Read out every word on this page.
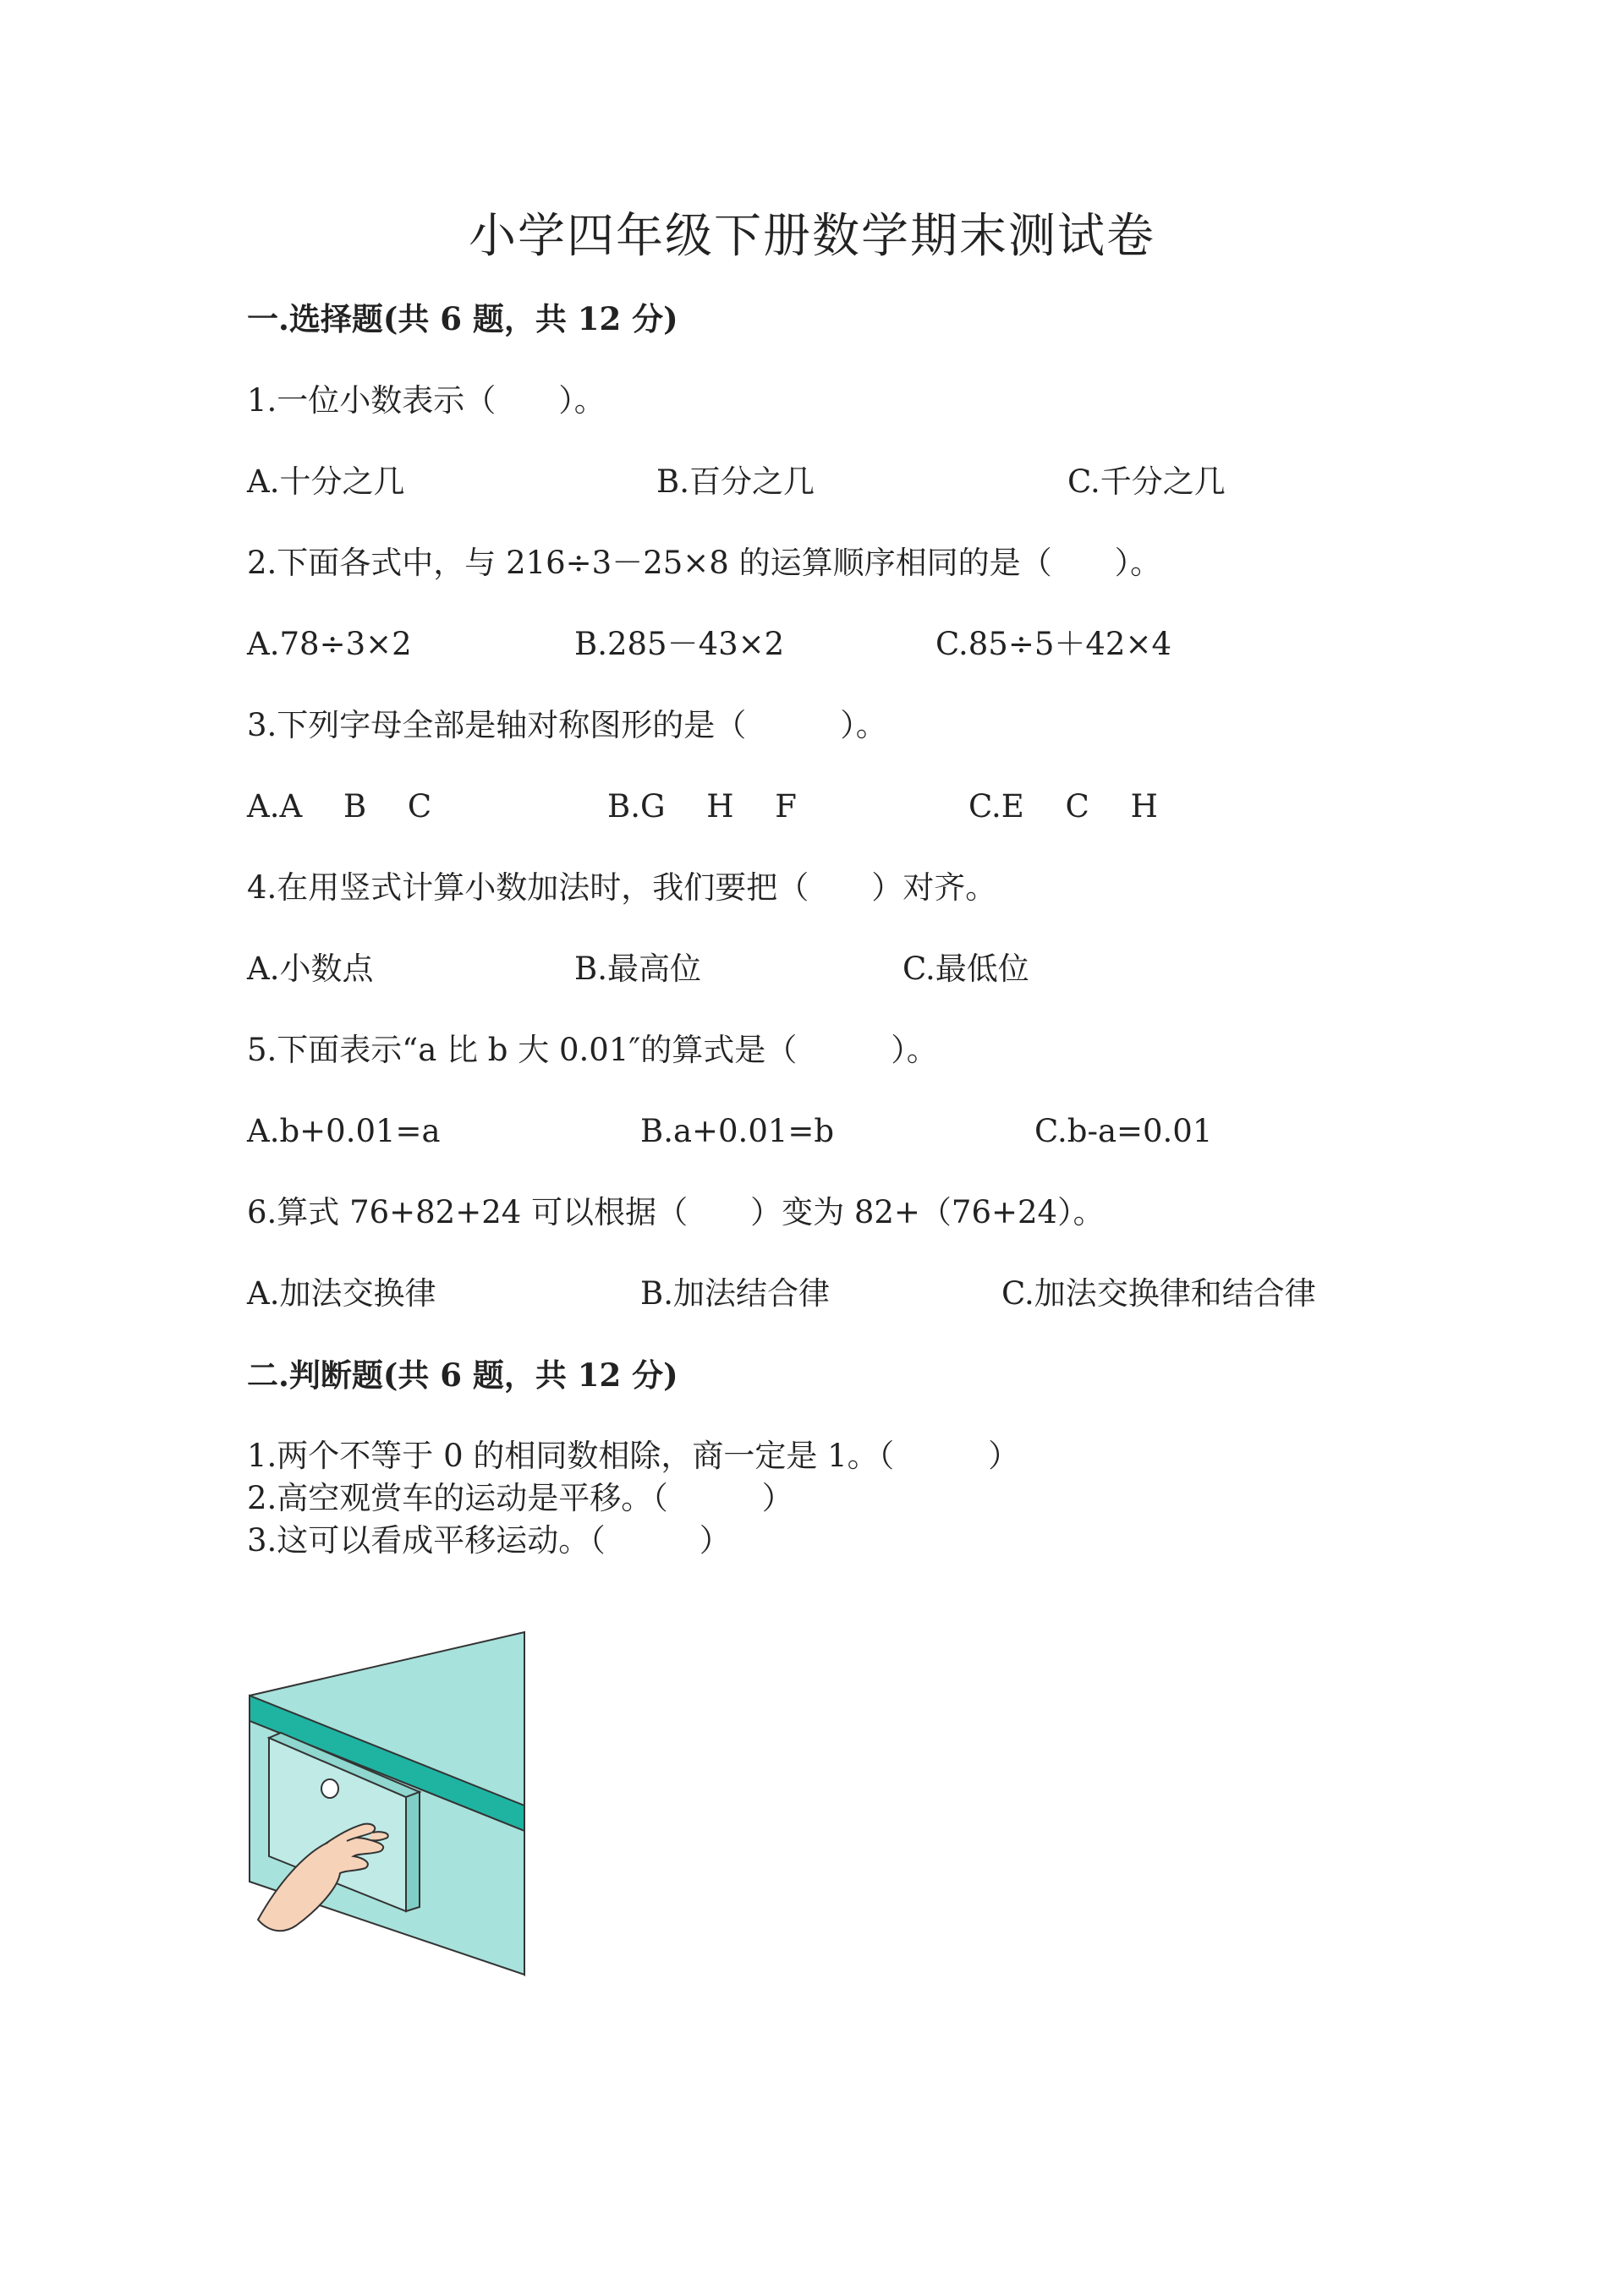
小学四年级下册数学期末测试卷
一.选择题(共 6 题，共 12 分)
1.一位小数表示（　　）。
A.十分之几	B.百分之几	C.千分之几
2.下面各式中，与 216÷3－25×8 的运算顺序相同的是（　　）。
A.78÷3×2	B.285－43×2	C.85÷5＋42×4
3.下列字母全部是轴对称图形的是（　　　）。
A.A　 B　 C	B.G　 H　 F	C.E　 C　 H
4.在用竖式计算小数加法时，我们要把（　　）对齐。
A.小数点	B.最高位	C.最低位
5.下面表示“a 比 b 大 0.01″的算式是（　　　）。
A.b+0.01=a	B.a+0.01=b	C.b-a=0.01
6.算式 76+82+24 可以根据（　　）变为 82+（76+24）。
A.加法交换律	B.加法结合律	C.加法交换律和结合律
二.判断题(共 6 题，共 12 分)
1.两个不等于 0 的相同数相除，商一定是 1。（　　　）
2.高空观赏车的运动是平移。（　　　）
3.这可以看成平移运动。（　　　）
